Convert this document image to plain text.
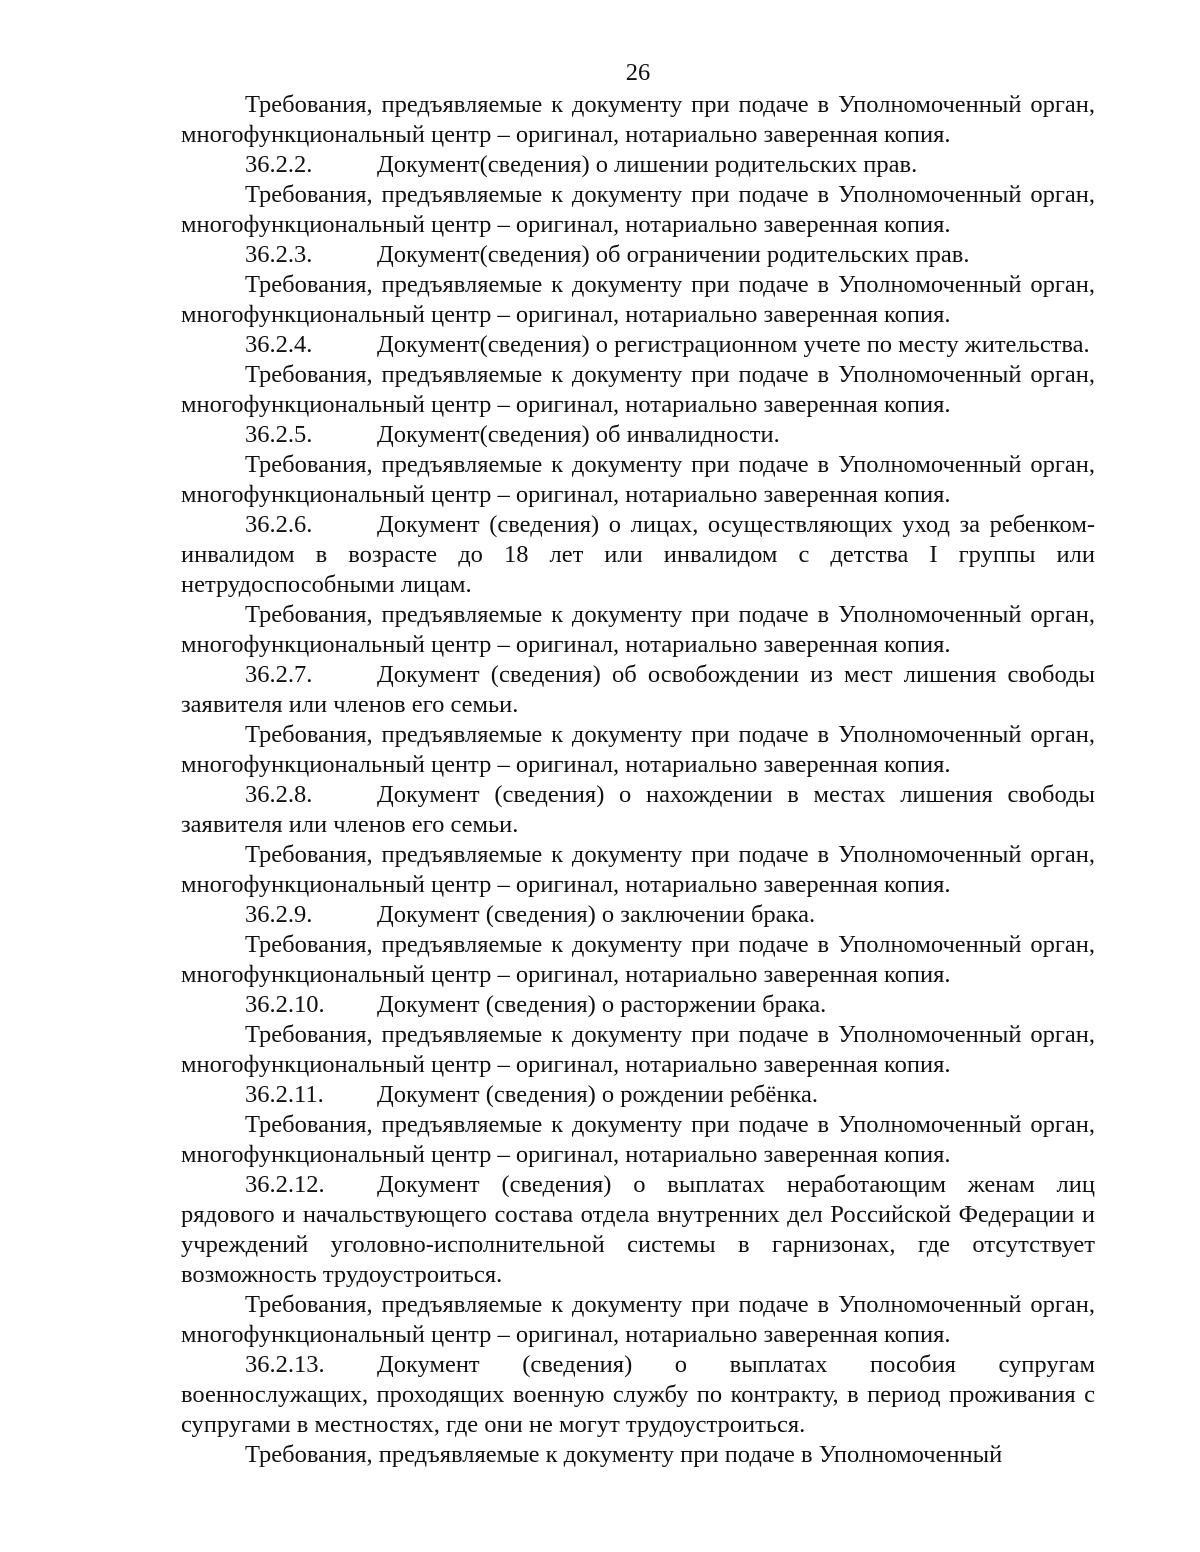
26

Требования, предъявляемые к документу при подаче в Уполномоченный орган, многофункциональный центр – оригинал, нотариально заверенная копия.

36.2.2.	Документ(сведения) о лишении родительских прав.

Требования, предъявляемые к документу при подаче в Уполномоченный орган, многофункциональный центр – оригинал, нотариально заверенная копия.

36.2.3.	Документ(сведения) об ограничении родительских прав.

Требования, предъявляемые к документу при подаче в Уполномоченный орган, многофункциональный центр – оригинал, нотариально заверенная копия.

36.2.4.	Документ(сведения) о регистрационном учете по месту жительства.

Требования, предъявляемые к документу при подаче в Уполномоченный орган, многофункциональный центр – оригинал, нотариально заверенная копия.

36.2.5.	Документ(сведения) об инвалидности.

Требования, предъявляемые к документу при подаче в Уполномоченный орган, многофункциональный центр – оригинал, нотариально заверенная копия.

36.2.6.	Документ (сведения) о лицах, осуществляющих уход за ребенком-инвалидом в возрасте до 18 лет или инвалидом с детства I группы или нетрудоспособными лицам.

Требования, предъявляемые к документу при подаче в Уполномоченный орган, многофункциональный центр – оригинал, нотариально заверенная копия.

36.2.7.	Документ (сведения) об освобождении из мест лишения свободы заявителя или членов его семьи.

Требования, предъявляемые к документу при подаче в Уполномоченный орган, многофункциональный центр – оригинал, нотариально заверенная копия.

36.2.8.	Документ (сведения) о нахождении в местах лишения свободы заявителя или членов его семьи.

Требования, предъявляемые к документу при подаче в Уполномоченный орган, многофункциональный центр – оригинал, нотариально заверенная копия.

36.2.9.	Документ (сведения) о заключении брака.

Требования, предъявляемые к документу при подаче в Уполномоченный орган, многофункциональный центр – оригинал, нотариально заверенная копия.

36.2.10. Документ (сведения) о расторжении брака.

Требования, предъявляемые к документу при подаче в Уполномоченный орган, многофункциональный центр – оригинал, нотариально заверенная копия.

36.2.11. Документ (сведения) о рождении ребёнка.

Требования, предъявляемые к документу при подаче в Уполномоченный орган, многофункциональный центр – оригинал, нотариально заверенная копия.

36.2.12. Документ (сведения) о выплатах неработающим женам лиц рядового и начальствующего состава отдела внутренних дел Российской Федерации и учреждений уголовно-исполнительной системы в гарнизонах, где отсутствует возможность трудоустроиться.

Требования, предъявляемые к документу при подаче в Уполномоченный орган, многофункциональный центр – оригинал, нотариально заверенная копия.

36.2.13. Документ (сведения) о выплатах пособия супругам военнослужащих, проходящих военную службу по контракту, в период проживания с супругами в местностях, где они не могут трудоустроиться.

Требования, предъявляемые к документу при подаче в Уполномоченный
